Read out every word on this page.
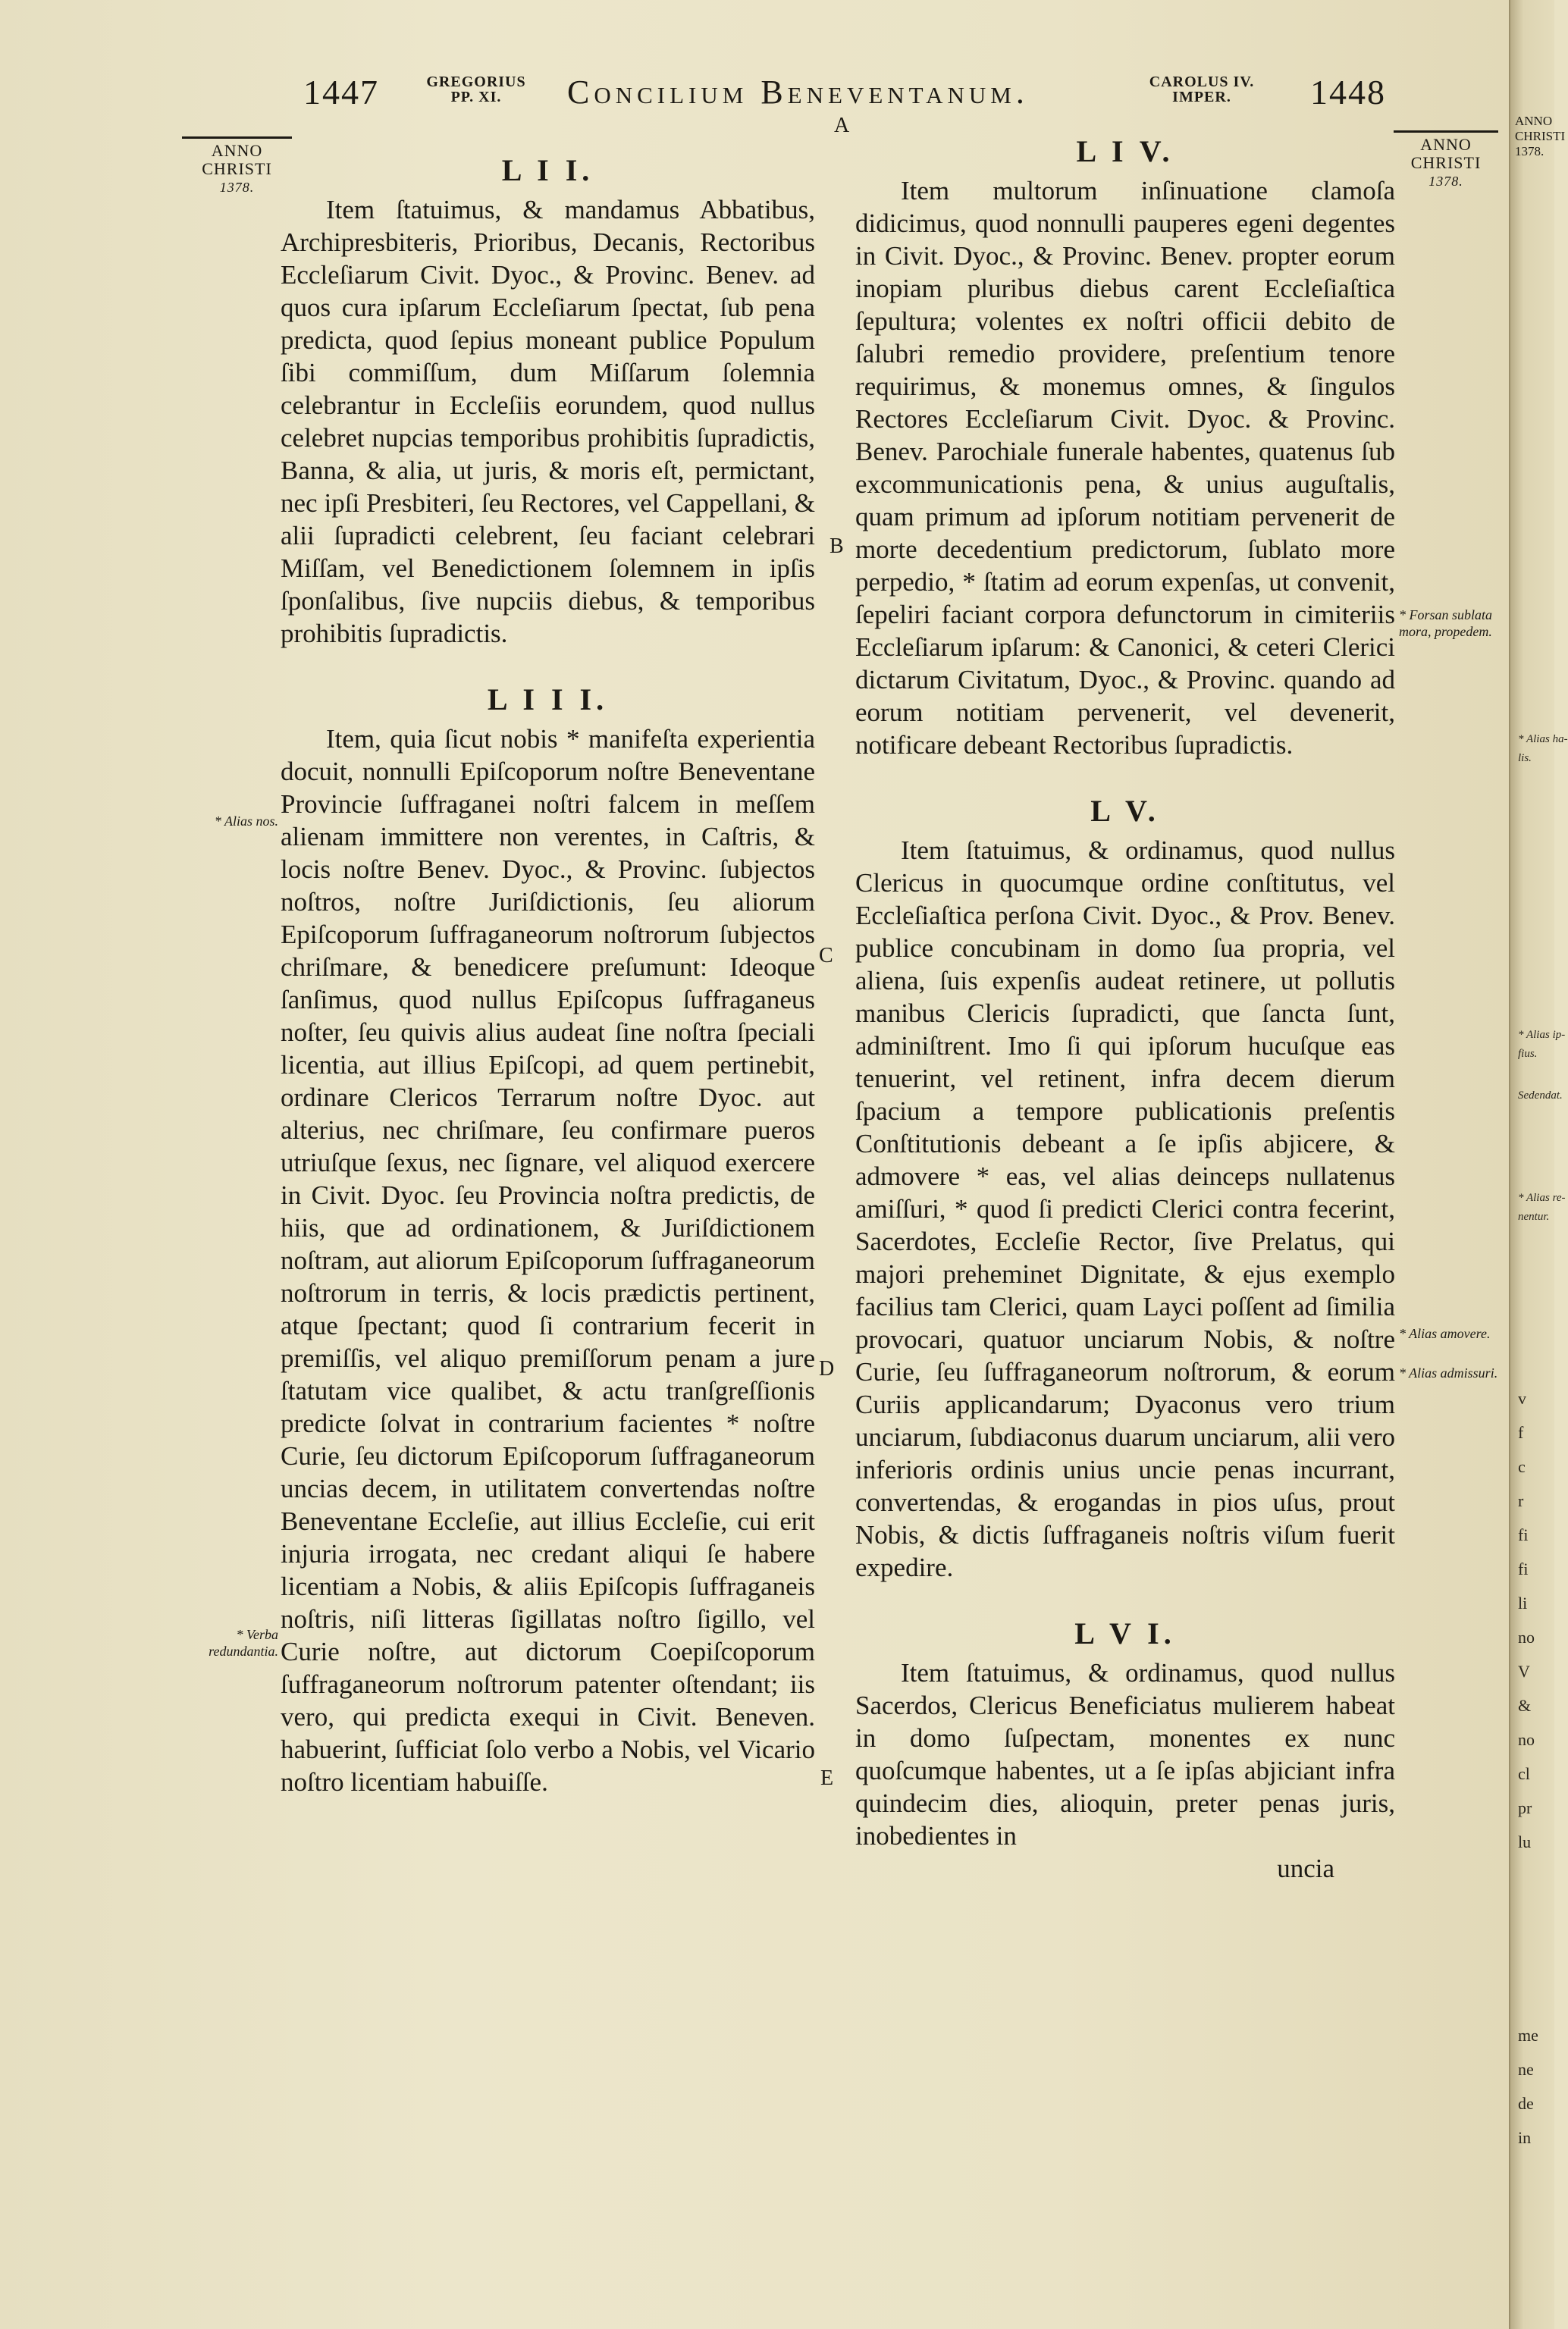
1447	GREGORIUS
PP. XI.	Concilium Beneventanum.	CAROLUS IV.
IMPER.	1448
ANNO
CHRISTI
1378.
ANNO
CHRISTI
1378.
A
B
C
D
E
* Alias nos.
* Verba redundantia.
* Forsan sublata mora, propedem.
* Alias amovere.
* Alias admissuri.
L I I.

Item ſtatuimus, & mandamus Abbatibus, Archipresbiteris, Prioribus, Decanis, Rectoribus Eccleſiarum Civit. Dyoc., & Provinc. Benev. ad quos cura ipſarum Eccleſiarum ſpectat, ſub pena predicta, quod ſepius moneant publice Populum ſibi commiſſum, dum Miſſarum ſolemnia celebrantur in Eccleſiis eorundem, quod nullus celebret nupcias temporibus prohibitis ſupradictis, Banna, & alia, ut juris, & moris eſt, permictant, nec ipſi Presbiteri, ſeu Rectores, vel Cappellani, & alii ſupradicti celebrent, ſeu faciant celebrari Miſſam, vel Benedictionem ſolemnem in ipſis ſponſalibus, ſive nupciis diebus, & temporibus prohibitis ſupradictis.

L I I I.

Item, quia ſicut nobis * manifeſta experientia docuit, nonnulli Epiſcoporum noſtre Beneventane Provincie ſuffraganei noſtri falcem in meſſem alienam immittere non verentes, in Caſtris, & locis noſtre Benev. Dyoc., & Provinc. ſubjectos noſtros, noſtre Juriſdictionis, ſeu aliorum Epiſcoporum ſuffraganeorum noſtrorum ſubjectos chriſmare, & benedicere preſumunt: Ideoque ſanſimus, quod nullus Epiſcopus ſuffraganeus noſter, ſeu quivis alius audeat ſine noſtra ſpeciali licentia, aut illius Epiſcopi, ad quem pertinebit, ordinare Clericos Terrarum noſtre Dyoc. aut alterius, nec chriſmare, ſeu confirmare pueros utriuſque ſexus, nec ſignare, vel aliquod exercere in Civit. Dyoc. ſeu Provincia noſtra predictis, de hiis, que ad ordinationem, & Juriſdictionem noſtram, aut aliorum Epiſcoporum ſuffraganeorum noſtrorum in terris, & locis prædictis pertinent, atque ſpectant; quod ſi contrarium fecerit in premiſſis, vel aliquo premiſſorum penam a jure ſtatutam vice qualibet, & actu tranſgreſſionis predicte ſolvat in contrarium facientes * noſtre Curie, ſeu dictorum Epiſcoporum ſuffraganeorum uncias decem, in utilitatem convertendas noſtre Beneventane Eccleſie, aut illius Eccleſie, cui erit injuria irrogata, nec credant aliqui ſe habere licentiam a Nobis, & aliis Epiſcopis ſuffraganeis noſtris, niſi litteras ſigillatas noſtro ſigillo, vel Curie noſtre, aut dictorum Coepiſcoporum ſuffraganeorum noſtrorum patenter oſtendant; iis vero, qui predicta exequi in Civit. Beneven. habuerint, ſufficiat ſolo verbo a Nobis, vel Vicario noſtro licentiam habuiſſe.

L I V.

Item multorum inſinuatione clamoſa didicimus, quod nonnulli pauperes egeni degentes in Civit. Dyoc., & Provinc. Benev. propter eorum inopiam pluribus diebus carent Eccleſiaſtica ſepultura; volentes ex noſtri officii debito de ſalubri remedio providere, preſentium tenore requirimus, & monemus omnes, & ſingulos Rectores Eccleſiarum Civit. Dyoc. & Provinc. Benev. Parochiale funerale habentes, quatenus ſub excommunicationis pena, & unius auguſtalis, quam primum ad ipſorum notitiam pervenerit de morte decedentium predictorum, ſublato more perpedio, * ſtatim ad eorum expenſas, ut convenit, ſepeliri faciant corpora defunctorum in cimiteriis Eccleſiarum ipſarum: & Canonici, & ceteri Clerici dictarum Civitatum, Dyoc., & Provinc. quando ad eorum notitiam pervenerit, vel devenerit, notificare debeant Rectoribus ſupradictis.

L V.

Item ſtatuimus, & ordinamus, quod nullus Clericus in quocumque ordine conſtitutus, vel Eccleſiaſtica perſona Civit. Dyoc., & Prov. Benev. publice concubinam in domo ſua propria, vel aliena, ſuis expenſis audeat retinere, ut pollutis manibus Clericis ſupradicti, que ſancta ſunt, adminiſtrent. Imo ſi qui ipſorum hucuſque eas tenuerint, vel retinent, infra decem dierum ſpacium a tempore publicationis preſentis Conſtitutionis debeant a ſe ipſis abjicere, & admovere * eas, vel alias deinceps nullatenus amiſſuri, * quod ſi predicti Clerici contra fecerint, Sacerdotes, Eccleſie Rector, ſive Prelatus, qui majori preheminet Dignitate, & ejus exemplo facilius tam Clerici, quam Layci poſſent ad ſimilia provocari, quatuor unciarum Nobis, & noſtre Curie, ſeu ſuffraganeorum noſtrorum, & eorum Curiis applicandarum; Dyaconus vero trium unciarum, ſubdiaconus duarum unciarum, alii vero inferioris ordinis unius uncie penas incurrant, convertendas, & erogandas in pios uſus, prout Nobis, & dictis ſuffraganeis noſtris viſum fuerit expedire.

L V I.

Item ſtatuimus, & ordinamus, quod nullus Sacerdos, Clericus Beneficiatus mulierem habeat in domo ſuſpectam, monentes ex nunc quoſcumque habentes, ut a ſe ipſas abjiciant infra quindecim dies, alioquin, preter penas juris, inobedientes in

uncia
ANNO
CHRISTI
1378.
* Alias ha-
lis.
* Alias ip-
fius.
Sedendat.
* Alias re-
nentur.
v
f
c
r
fi
fi
li
no
V
&
no
cl
pr
lu
me
ne
de
in
